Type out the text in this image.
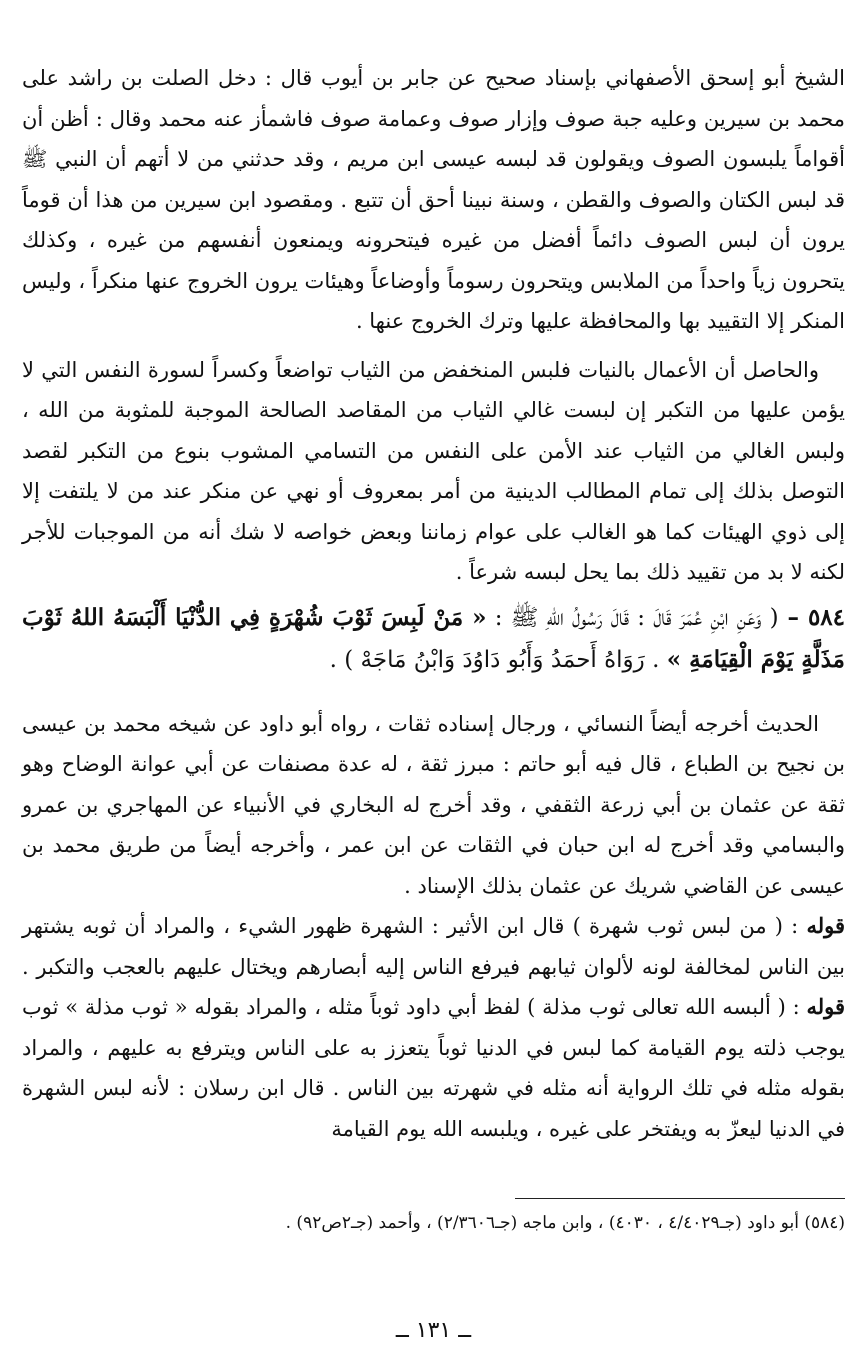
الشيخ أبو إسحق الأصفهاني بإسناد صحيح عن جابر بن أيوب قال : دخل الصلت بن راشد على محمد بن سيرين وعليه جبة صوف وإزار صوف وعمامة صوف فاشمأز عنه محمد وقال : أظن أن أقواماً يلبسون الصوف ويقولون قد لبسه عيسى ابن مريم ، وقد حدثني من لا أتهم أن النبي ﷺ قد لبس الكتان والصوف والقطن ، وسنة نبينا أحق أن تتبع . ومقصود ابن سيرين من هذا أن قوماً يرون أن لبس الصوف دائماً أفضل من غيره فيتحرونه ويمنعون أنفسهم من غيره ، وكذلك يتحرون زياً واحداً من الملابس ويتحرون رسوماً وأوضاعاً وهيئات يرون الخروج عنها منكراً ، وليس المنكر إلا التقييد بها والمحافظة عليها وترك الخروج عنها .

والحاصل أن الأعمال بالنيات فلبس المنخفض من الثياب تواضعاً وكسراً لسورة النفس التي لا يؤمن عليها من التكبر إن لبست غالي الثياب من المقاصد الصالحة الموجبة للمثوبة من الله ، ولبس الغالي من الثياب عند الأمن على النفس من التسامي المشوب بنوع من التكبر لقصد التوصل بذلك إلى تمام المطالب الدينية من أمر بمعروف أو نهي عن منكر عند من لا يلتفت إلا إلى ذوي الهيئات كما هو الغالب على عوام زماننا وبعض خواصه لا شك أنه من الموجبات للأجر لكنه لا بد من تقييد ذلك بما يحل لبسه شرعاً .

٥٨٤ – ( وَعَنِ ابْنِ عُمَرَ قَالَ : قَالَ رَسُولُ اللهِ ﷺ : « مَنْ لَبِسَ ثَوْبَ شُهْرَةٍ فِي الدُّنْيَا أَلْبَسَهُ اللهُ ثَوْبَ مَذَلَّةٍ يَوْمَ الْقِيَامَةِ » . رَوَاهُ أَحمَدُ وَأَبُو دَاوُدَ وَابْنُ مَاجَهْ ) .

الحديث أخرجه أيضاً النسائي ، ورجال إسناده ثقات ، رواه أبو داود عن شيخه محمد بن عيسى بن نجيح بن الطباع ، قال فيه أبو حاتم : مبرز ثقة ، له عدة مصنفات عن أبي عوانة الوضاح وهو ثقة عن عثمان بن أبي زرعة الثقفي ، وقد أخرج له البخاري في الأنبياء عن المهاجري بن عمرو والبسامي وقد أخرج له ابن حبان في الثقات عن ابن عمر ، وأخرجه أيضاً من طريق محمد بن عيسى عن القاضي شريك عن عثمان بذلك الإسناد .

قوله : ( من لبس ثوب شهرة ) قال ابن الأثير : الشهرة ظهور الشيء ، والمراد أن ثوبه يشتهر بين الناس لمخالفة لونه لألوان ثيابهم فيرفع الناس إليه أبصارهم ويختال عليهم بالعجب والتكبر . قوله : ( ألبسه الله تعالى ثوب مذلة ) لفظ أبي داود ثوباً مثله ، والمراد بقوله « ثوب مذلة » ثوب يوجب ذلته يوم القيامة كما لبس في الدنيا ثوباً يتعزز به على الناس ويترفع به عليهم ، والمراد بقوله مثله في تلك الرواية أنه مثله في شهرته بين الناس . قال ابن رسلان : لأنه لبس الشهرة في الدنيا ليعزّ به ويفتخر على غيره ، ويلبسه الله يوم القيامة

(٥٨٤) أبو داود (جـ٤/٤٠٢٩ ، ٤٠٣٠) ، وابن ماجه (جـ٢/٣٦٠٦) ، وأحمد (جـ٢ص٩٢) .
ــ ١٣١ ــ
